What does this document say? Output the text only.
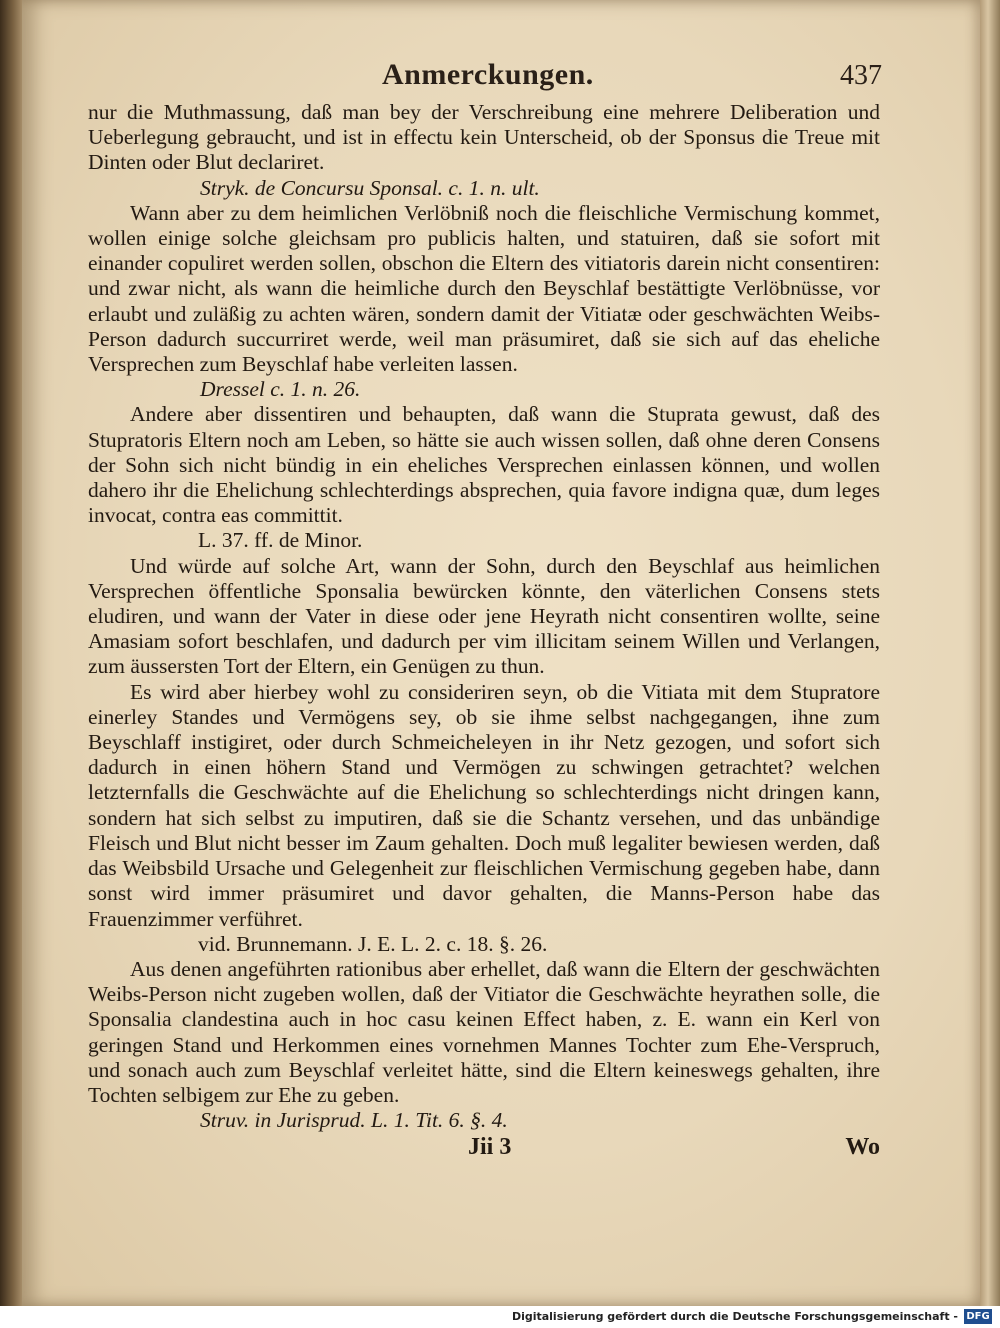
Anmerckungen.	437

nur die Muthmassung, daß man bey der Verschreibung eine mehrere Deliberation und Ueberlegung gebraucht, und ist in effectu kein Unterscheid, ob der Sponsus die Treue mit Dinten oder Blut declariret.

Stryk. de Concursu Sponsal. c. 1. n. ult.

Wann aber zu dem heimlichen Verlöbniß noch die fleischliche Vermischung kommet, wollen einige solche gleichsam pro publicis halten, und statuiren, daß sie sofort mit einander copuliret werden sollen, obschon die Eltern des vitiatoris darein nicht consentiren: und zwar nicht, als wann die heimliche durch den Beyschlaf bestättigte Verlöbnüsse, vor erlaubt und zuläßig zu achten wären, sondern damit der Vitiatæ oder geschwächten Weibs-Person dadurch succurriret werde, weil man präsumiret, daß sie sich auf das eheliche Versprechen zum Beyschlaf habe verleiten lassen.

Dressel c. 1. n. 26.

Andere aber dissentiren und behaupten, daß wann die Stuprata gewust, daß des Stupratoris Eltern noch am Leben, so hätte sie auch wissen sollen, daß ohne deren Consens der Sohn sich nicht bündig in ein eheliches Versprechen einlassen können, und wollen dahero ihr die Ehelichung schlechterdings absprechen, quia favore indigna quæ, dum leges invocat, contra eas committit.

L. 37. ff. de Minor.

Und würde auf solche Art, wann der Sohn, durch den Beyschlaf aus heimlichen Versprechen öffentliche Sponsalia bewürcken könnte, den väterlichen Consens stets eludiren, und wann der Vater in diese oder jene Heyrath nicht consentiren wollte, seine Amasiam sofort beschlafen, und dadurch per vim illicitam seinem Willen und Verlangen, zum äussersten Tort der Eltern, ein Genügen zu thun.

Es wird aber hierbey wohl zu consideriren seyn, ob die Vitiata mit dem Stupratore einerley Standes und Vermögens sey, ob sie ihme selbst nachgegangen, ihne zum Beyschlaff instigiret, oder durch Schmeicheleyen in ihr Netz gezogen, und sofort sich dadurch in einen höhern Stand und Vermögen zu schwingen getrachtet? welchen letzternfalls die Geschwächte auf die Ehelichung so schlechterdings nicht dringen kann, sondern hat sich selbst zu imputiren, daß sie die Schantz versehen, und das unbändige Fleisch und Blut nicht besser im Zaum gehalten. Doch muß legaliter bewiesen werden, daß das Weibsbild Ursache und Gelegenheit zur fleischlichen Vermischung gegeben habe, dann sonst wird immer präsumiret und davor gehalten, die Manns-Person habe das Frauenzimmer verführet.

vid. Brunnemann. J. E. L. 2. c. 18. §. 26.

Aus denen angeführten rationibus aber erhellet, daß wann die Eltern der geschwächten Weibs-Person nicht zugeben wollen, daß der Vitiator die Geschwächte heyrathen solle, die Sponsalia clandestina auch in hoc casu keinen Effect haben, z. E. wann ein Kerl von geringen Stand und Herkommen eines vornehmen Mannes Tochter zum Ehe-Verspruch, und sonach auch zum Beyschlaf verleitet hätte, sind die Eltern keineswegs gehalten, ihre Tochten selbigem zur Ehe zu geben.

Struv. in Jurisprud. L. 1. Tit. 6. §. 4.

Jii 3	Wo
Digitalisierung gefördert durch die Deutsche Forschungsgemeinschaft - DFG
